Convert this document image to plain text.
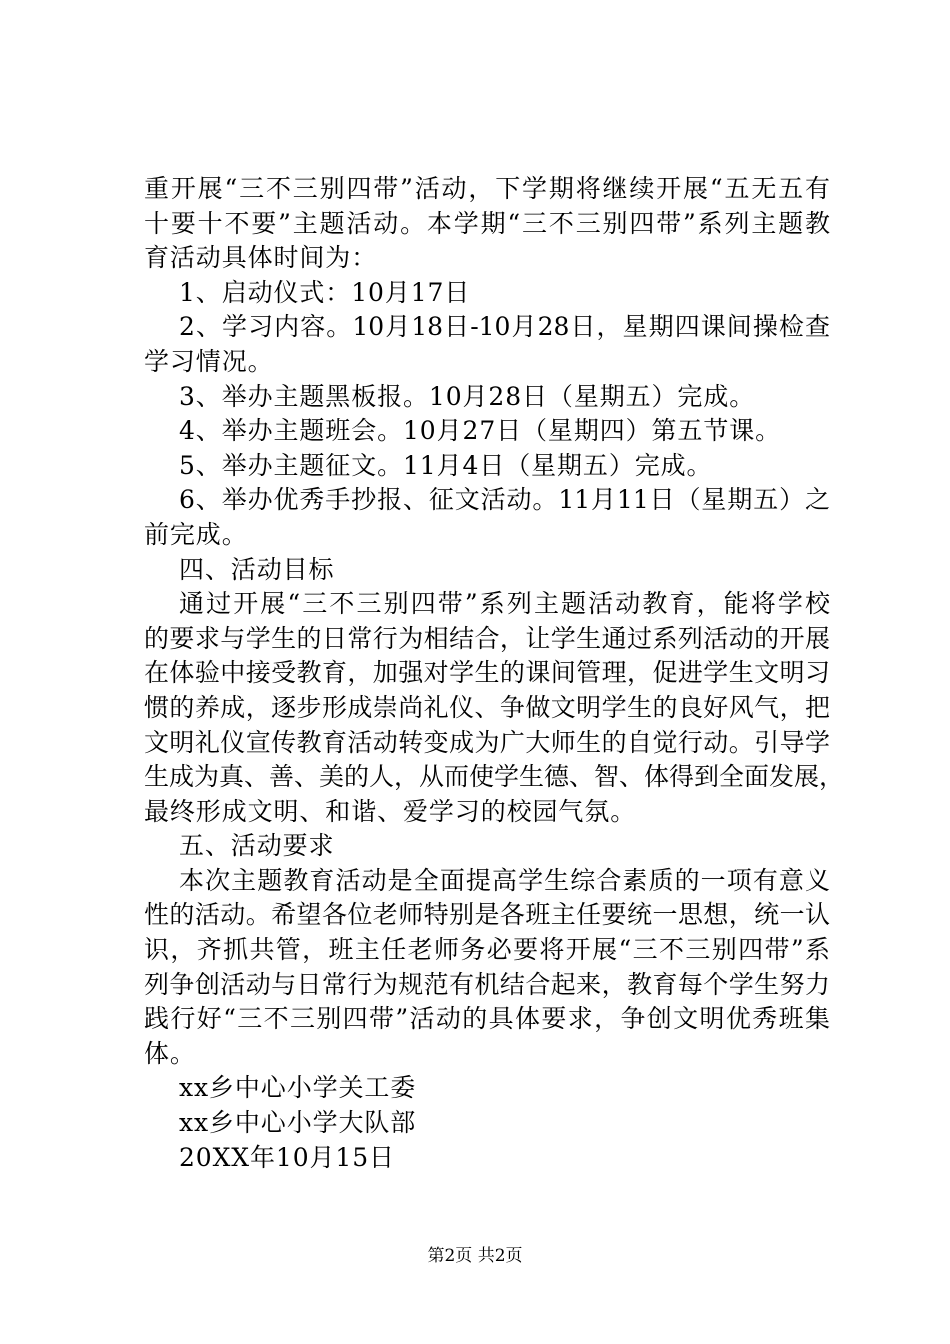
重开展“三不三别四带”活动，下学期将继续开展“五无五有
十要十不要”主题活动。本学期“三不三别四带”系列主题教
育活动具体时间为：
1、启动仪式：10月17日
2、学习内容。10月18日-10月28日，星期四课间操检查
学习情况。
3、举办主题黑板报。10月28日（星期五）完成。
4、举办主题班会。10月27日（星期四）第五节课。
5、举办主题征文。11月4日（星期五）完成。
6、举办优秀手抄报、征文活动。11月11日（星期五）之
前完成。
四、活动目标
通过开展“三不三别四带”系列主题活动教育，能将学校
的要求与学生的日常行为相结合，让学生通过系列活动的开展
在体验中接受教育，加强对学生的课间管理，促进学生文明习
惯的养成，逐步形成崇尚礼仪、争做文明学生的良好风气，把
文明礼仪宣传教育活动转变成为广大师生的自觉行动。引导学
生成为真、善、美的人，从而使学生德、智、体得到全面发展，
最终形成文明、和谐、爱学习的校园气氛。
五、活动要求
本次主题教育活动是全面提高学生综合素质的一项有意义
性的活动。希望各位老师特别是各班主任要统一思想，统一认
识，齐抓共管，班主任老师务必要将开展“三不三别四带”系
列争创活动与日常行为规范有机结合起来，教育每个学生努力
践行好“三不三别四带”活动的具体要求，争创文明优秀班集
体。
xx乡中心小学关工委
xx乡中心小学大队部
20XX年10月15日
第2页 共2页
